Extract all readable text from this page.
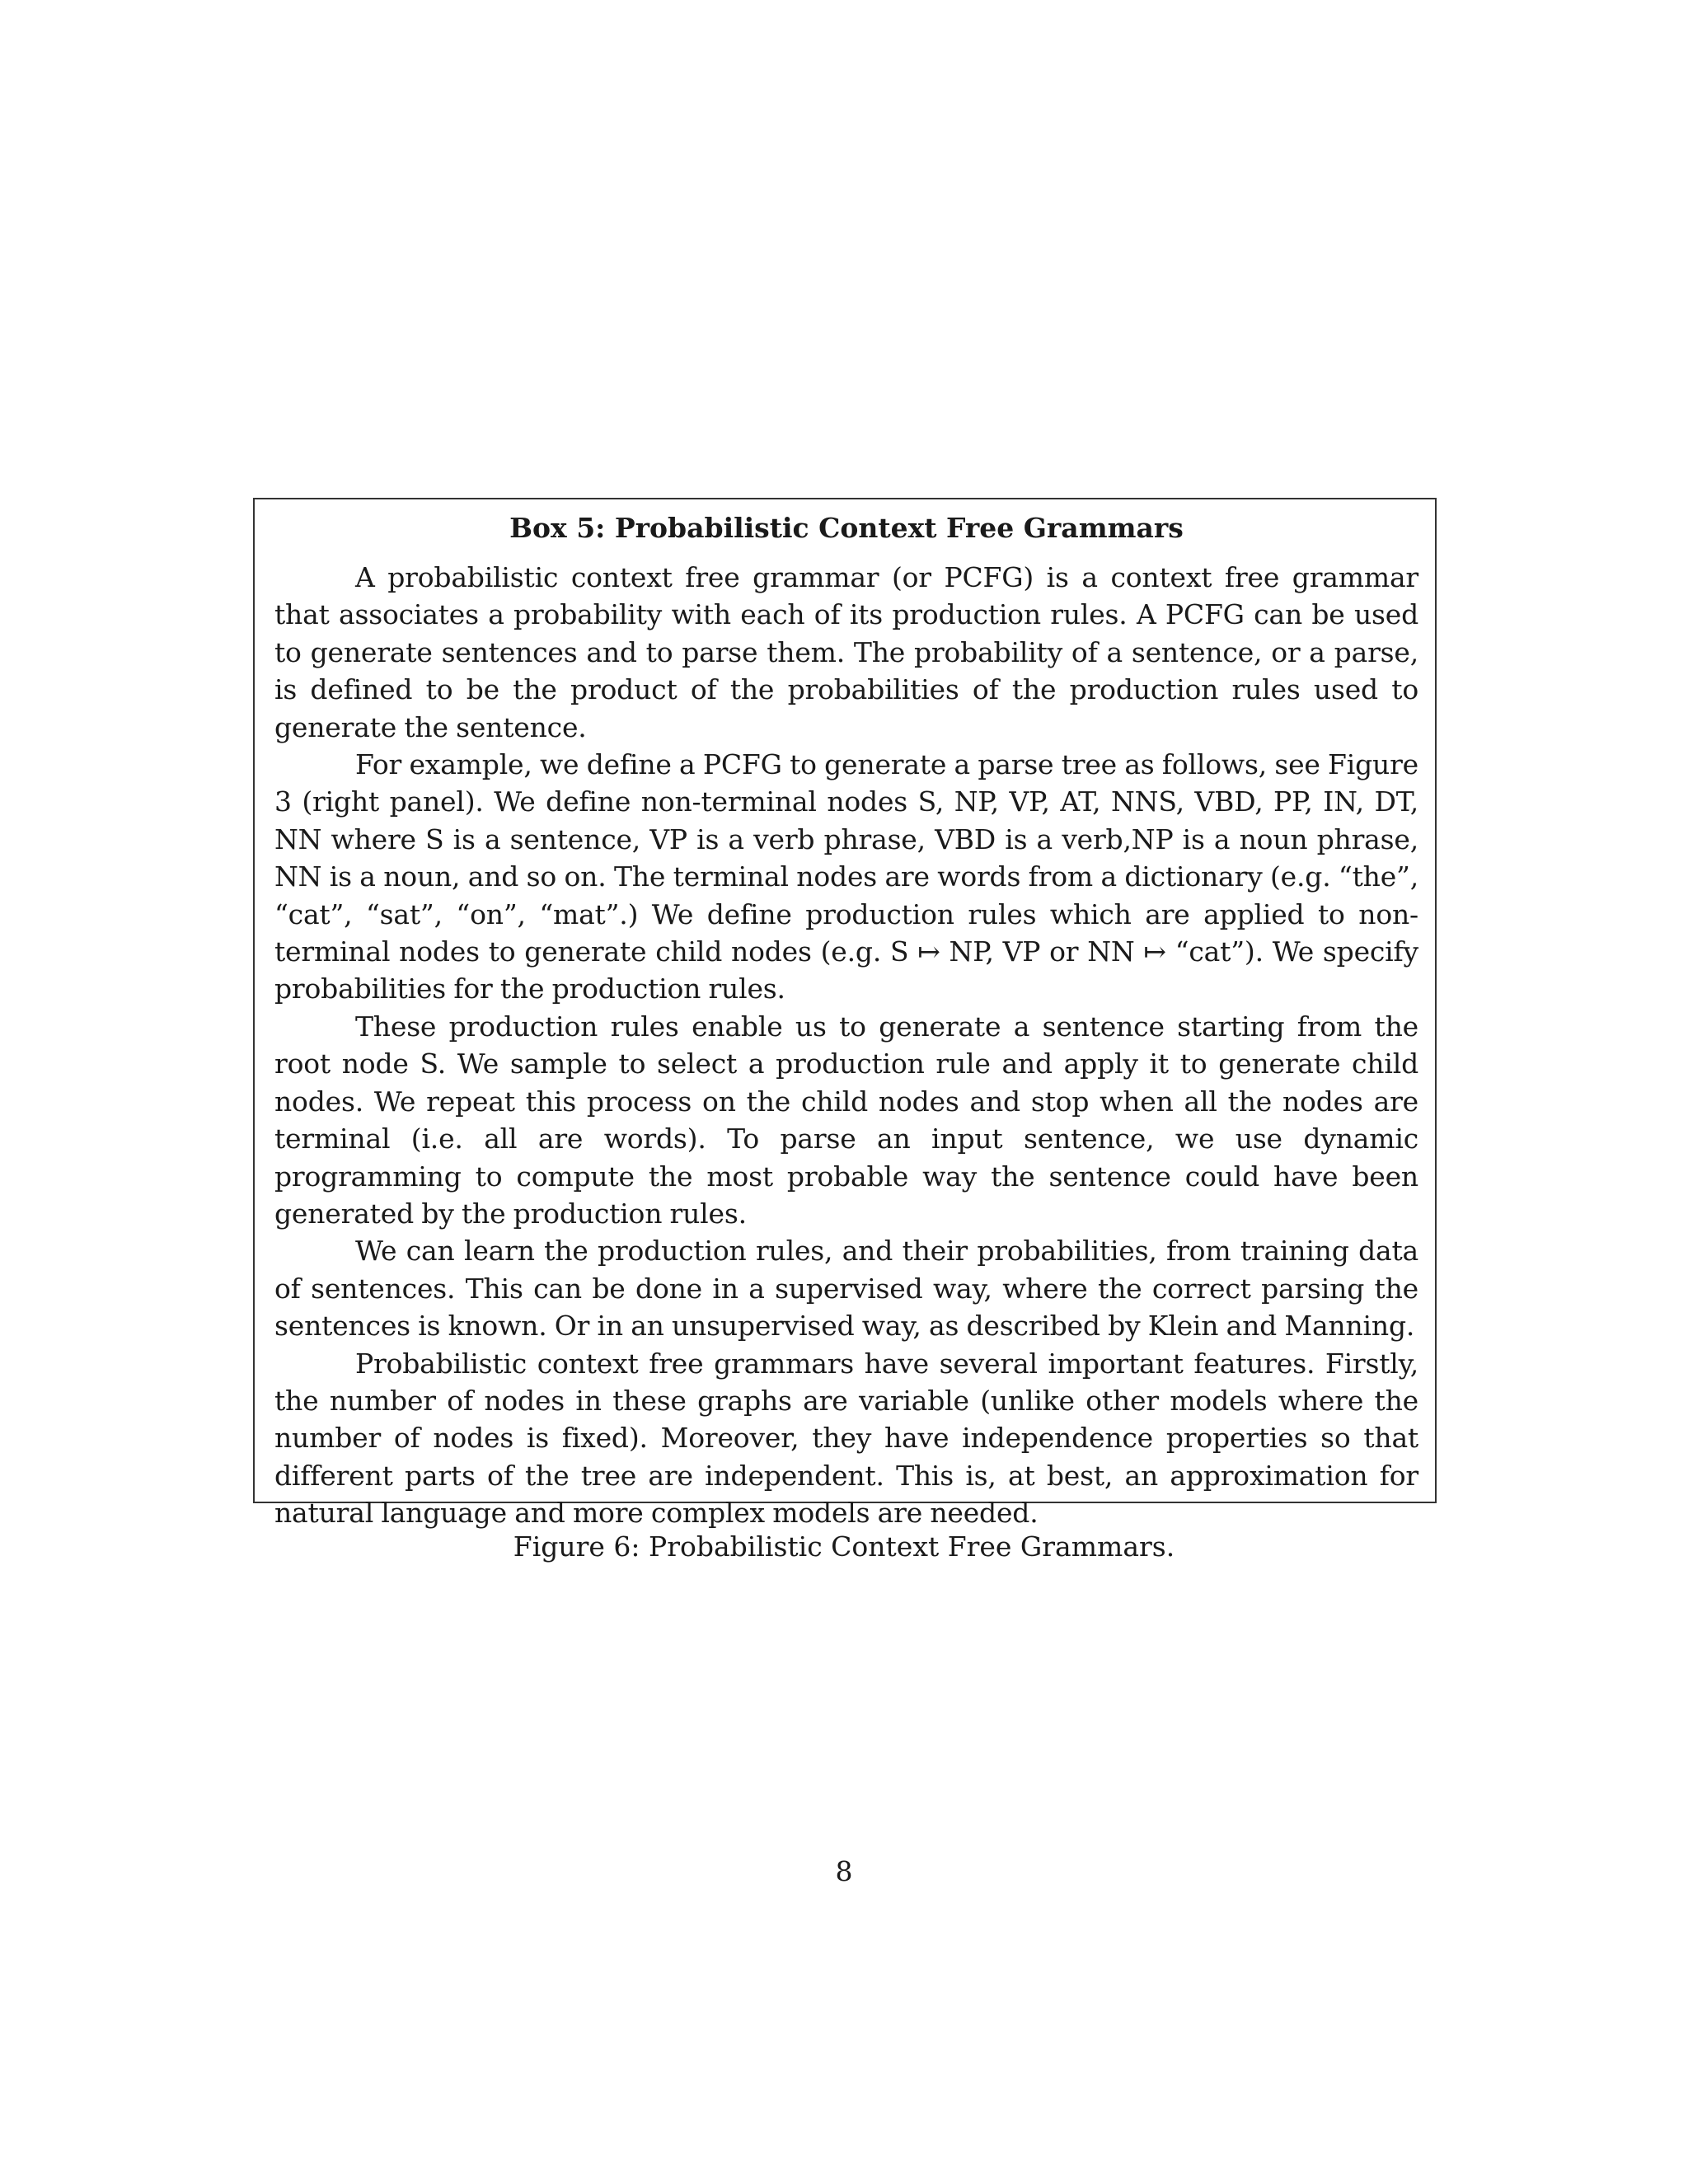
Box 5: Probabilistic Context Free Grammars

A probabilistic context free grammar (or PCFG) is a context free grammar that associates a probability with each of its production rules. A PCFG can be used to generate sentences and to parse them. The probability of a sentence, or a parse, is defined to be the product of the probabilities of the production rules used to generate the sentence.

For example, we define a PCFG to generate a parse tree as follows, see Figure 3 (right panel). We define non-terminal nodes S, NP, VP, AT, NNS, VBD, PP, IN, DT, NN where S is a sentence, VP is a verb phrase, VBD is a verb,NP is a noun phrase, NN is a noun, and so on. The terminal nodes are words from a dictionary (e.g. “the”, “cat”, “sat”, “on”, “mat”.) We define production rules which are applied to non-terminal nodes to generate child nodes (e.g. S ↦ NP, VP or NN ↦ “cat”). We specify probabilities for the production rules.

These production rules enable us to generate a sentence starting from the root node S. We sample to select a production rule and apply it to generate child nodes. We repeat this process on the child nodes and stop when all the nodes are terminal (i.e. all are words). To parse an input sentence, we use dynamic programming to compute the most probable way the sentence could have been generated by the production rules.

We can learn the production rules, and their probabilities, from training data of sentences. This can be done in a supervised way, where the correct parsing the sentences is known. Or in an unsupervised way, as described by Klein and Manning.

Probabilistic context free grammars have several important features. Firstly, the number of nodes in these graphs are variable (unlike other models where the number of nodes is fixed). Moreover, they have independence properties so that different parts of the tree are independent. This is, at best, an approximation for natural language and more complex models are needed.

Figure 6: Probabilistic Context Free Grammars.
8
